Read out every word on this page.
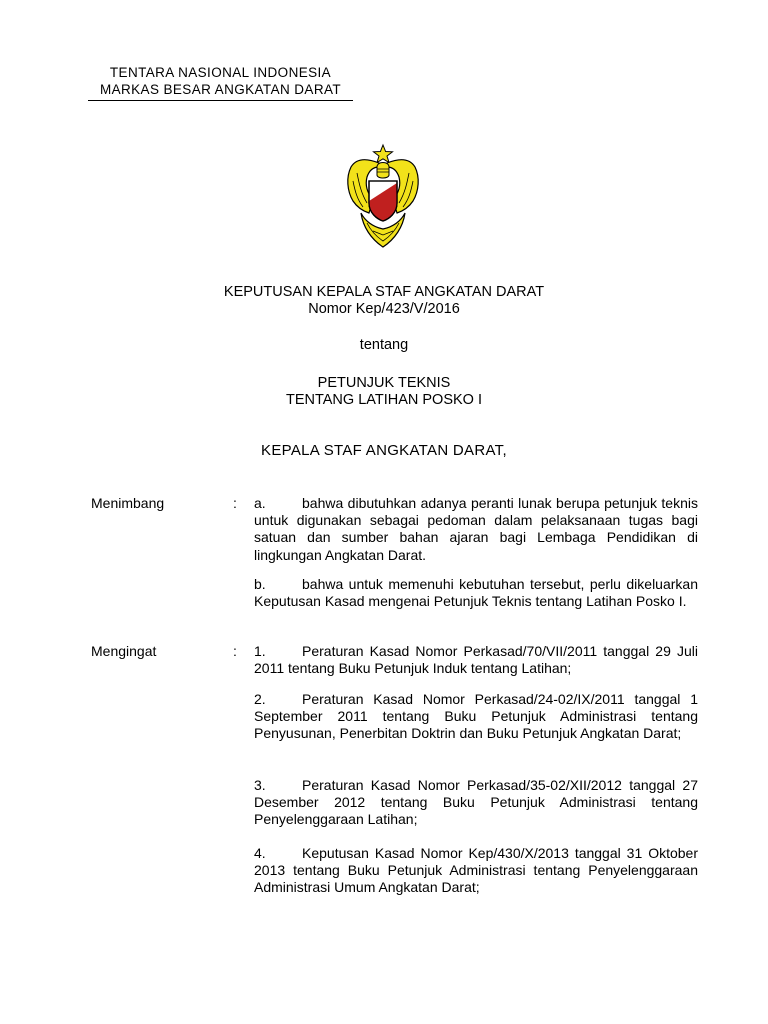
TENTARA NASIONAL INDONESIA
MARKAS BESAR ANGKATAN DARAT
KEPUTUSAN KEPALA STAF ANGKATAN DARAT
Nomor Kep/423/V/2016
tentang
PETUNJUK TEKNIS
TENTANG LATIHAN POSKO I
KEPALA STAF ANGKATAN DARAT,
Menimbang	: a.	bahwa dibutuhkan adanya peranti lunak berupa petunjuk teknis untuk digunakan sebagai pedoman dalam pelaksanaan tugas bagi satuan dan sumber bahan ajaran bagi Lembaga Pendidikan di lingkungan Angkatan Darat.
b.	bahwa untuk memenuhi kebutuhan tersebut, perlu dikeluarkan Keputusan Kasad mengenai Petunjuk Teknis tentang Latihan Posko I.
Mengingat	: 1.	Peraturan Kasad Nomor Perkasad/70/VII/2011 tanggal 29 Juli 2011 tentang Buku Petunjuk Induk tentang Latihan;
2.	Peraturan Kasad Nomor Perkasad/24-02/IX/2011 tanggal 1 September 2011 tentang Buku Petunjuk Administrasi tentang Penyusunan, Penerbitan Doktrin dan Buku Petunjuk Angkatan Darat;
3.	Peraturan Kasad Nomor Perkasad/35-02/XII/2012 tanggal 27 Desember 2012 tentang Buku Petunjuk Administrasi tentang Penyelenggaraan Latihan;
4.	Keputusan Kasad Nomor Kep/430/X/2013 tanggal 31 Oktober 2013 tentang Buku Petunjuk Administrasi tentang Penyelenggaraan Administrasi Umum Angkatan Darat;
